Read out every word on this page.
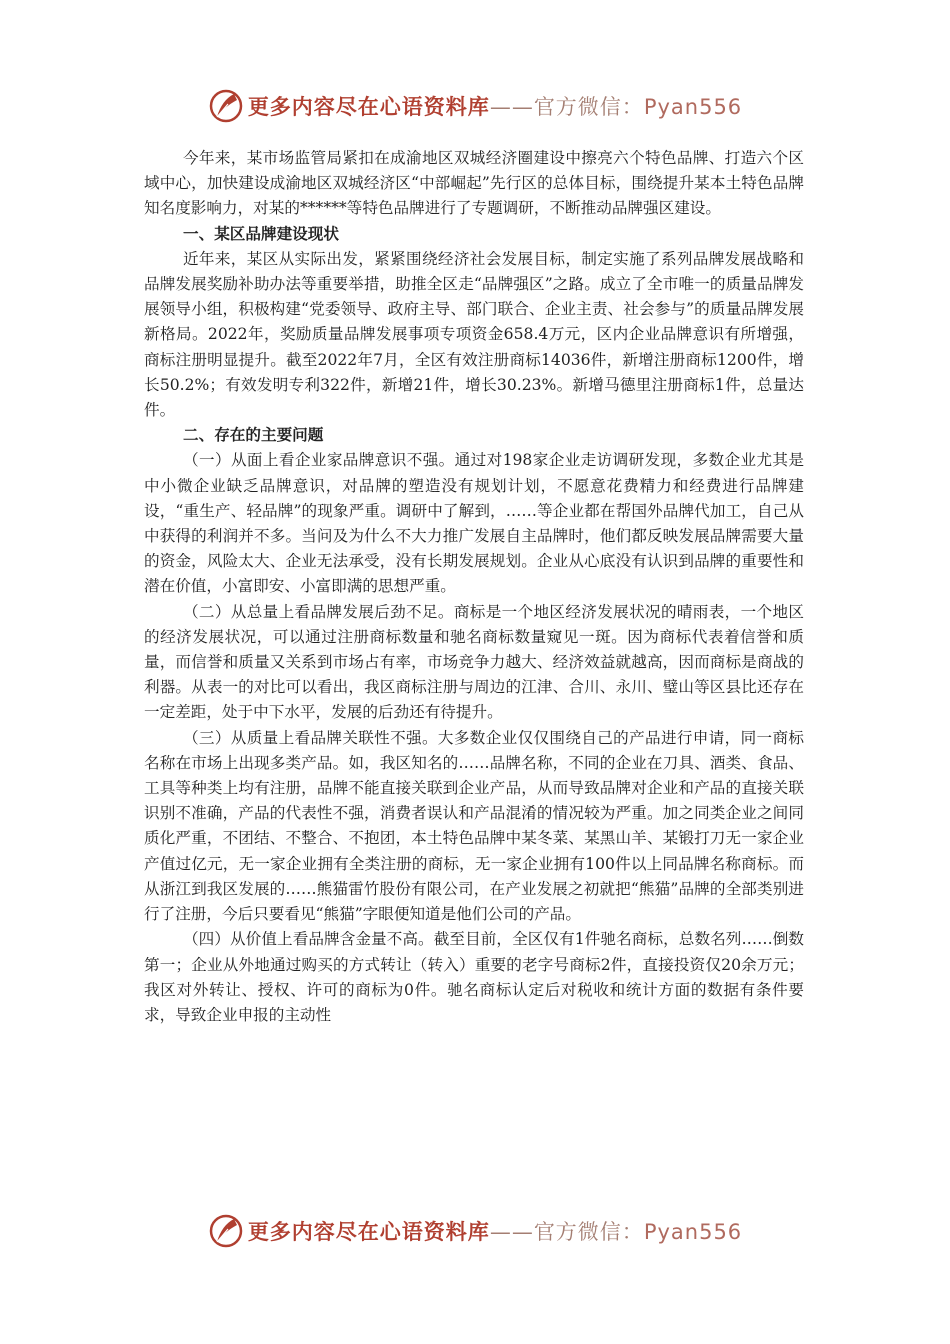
更多内容尽在心语资料库——官方微信：Pyan556

今年来，某市场监管局紧扣在成渝地区双城经济圈建设中擦亮六个特色品牌、打造六个区域中心，加快建设成渝地区双城经济区“中部崛起”先行区的总体目标，围绕提升某本土特色品牌知名度影响力，对某的******等特色品牌进行了专题调研，不断推动品牌强区建设。

一、某区品牌建设现状

近年来，某区从实际出发，紧紧围绕经济社会发展目标，制定实施了系列品牌发展战略和品牌发展奖励补助办法等重要举措，助推全区走“品牌强区”之路。成立了全市唯一的质量品牌发展领导小组，积极构建“党委领导、政府主导、部门联合、企业主责、社会参与”的质量品牌发展新格局。2022年，奖励质量品牌发展事项专项资金658.4万元，区内企业品牌意识有所增强，商标注册明显提升。截至2022年7月，全区有效注册商标14036件，新增注册商标1200件，增长50.2%；有效发明专利322件，新增21件，增长30.23%。新增马德里注册商标1件，总量达件。

二、存在的主要问题

（一）从面上看企业家品牌意识不强。通过对198家企业走访调研发现，多数企业尤其是中小微企业缺乏品牌意识，对品牌的塑造没有规划计划，不愿意花费精力和经费进行品牌建设，“重生产、轻品牌”的现象严重。调研中了解到，……等企业都在帮国外品牌代加工，自己从中获得的利润并不多。当问及为什么不大力推广发展自主品牌时，他们都反映发展品牌需要大量的资金，风险太大、企业无法承受，没有长期发展规划。企业从心底没有认识到品牌的重要性和潜在价值，小富即安、小富即满的思想严重。

（二）从总量上看品牌发展后劲不足。商标是一个地区经济发展状况的晴雨表，一个地区的经济发展状况，可以通过注册商标数量和驰名商标数量窥见一斑。因为商标代表着信誉和质量，而信誉和质量又关系到市场占有率，市场竞争力越大、经济效益就越高，因而商标是商战的利器。从表一的对比可以看出，我区商标注册与周边的江津、合川、永川、璧山等区县比还存在一定差距，处于中下水平，发展的后劲还有待提升。

（三）从质量上看品牌关联性不强。大多数企业仅仅围绕自己的产品进行申请，同一商标名称在市场上出现多类产品。如，我区知名的……品牌名称，不同的企业在刀具、酒类、食品、工具等种类上均有注册，品牌不能直接关联到企业产品，从而导致品牌对企业和产品的直接关联识别不准确，产品的代表性不强，消费者误认和产品混淆的情况较为严重。加之同类企业之间同质化严重，不团结、不整合、不抱团，本土特色品牌中某冬菜、某黑山羊、某锻打刀无一家企业产值过亿元，无一家企业拥有全类注册的商标，无一家企业拥有100件以上同品牌名称商标。而从浙江到我区发展的……熊猫雷竹股份有限公司，在产业发展之初就把“熊猫”品牌的全部类别进行了注册，今后只要看见“熊猫”字眼便知道是他们公司的产品。

（四）从价值上看品牌含金量不高。截至目前，全区仅有1件驰名商标，总数名列……倒数第一；企业从外地通过购买的方式转让（转入）重要的老字号商标2件，直接投资仅20余万元；我区对外转让、授权、许可的商标为0件。驰名商标认定后对税收和统计方面的数据有条件要求，导致企业申报的主动性

更多内容尽在心语资料库——官方微信：Pyan556
